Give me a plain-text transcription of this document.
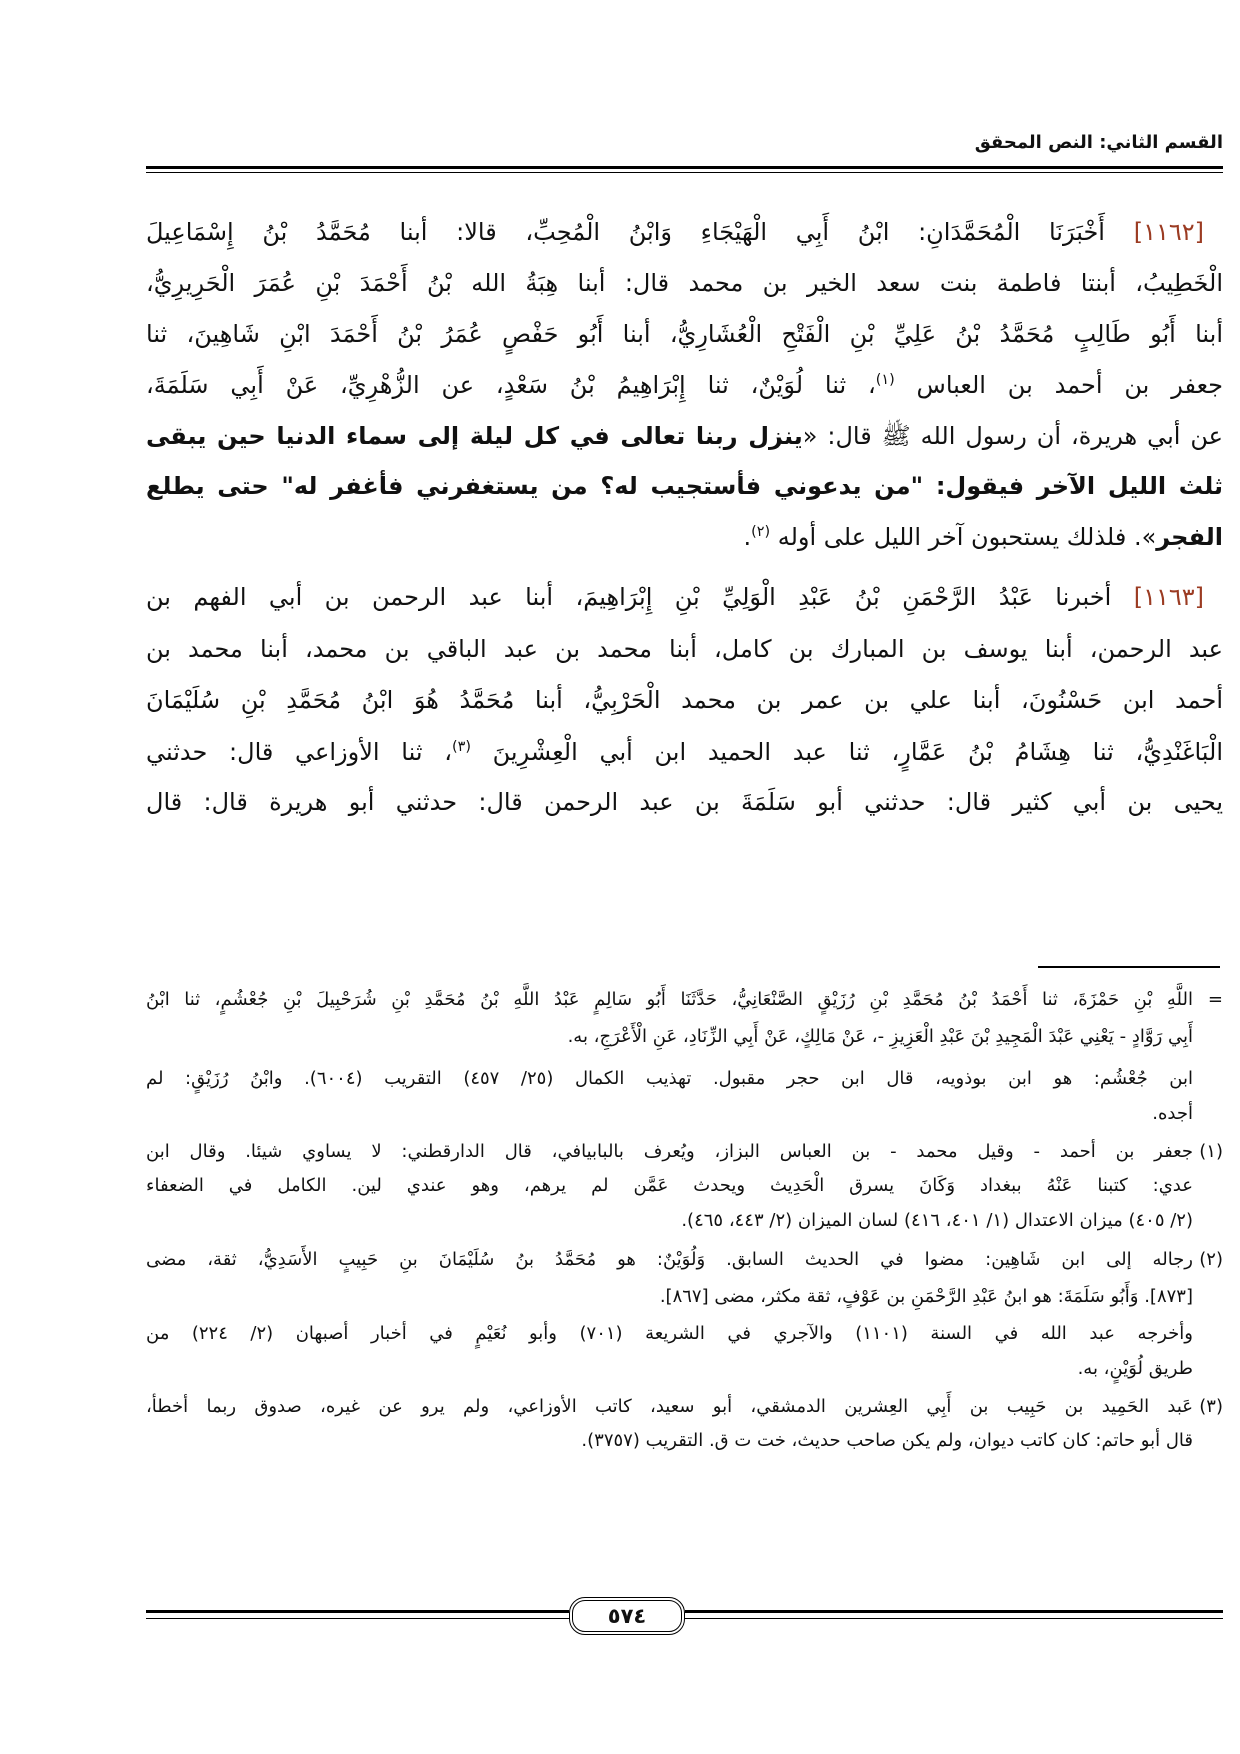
القسم الثاني: النص المحقق
[١١٦٢] أَخْبَرَنَا الْمُحَمَّدَانِ: ابْنُ أَبِي الْهَيْجَاءِ وَابْنُ الْمُحِبِّ، قالا: أبنا مُحَمَّدُ بْنُ إِسْمَاعِيلَ
الْخَطِيبُ، أبنتا فاطمة بنت سعد الخير بن محمد قال: أبنا هِبَةُ الله بْنُ أَحْمَدَ بْنِ عُمَرَ الْحَرِيرِيُّ،
أبنا أَبُو طَالِبٍ مُحَمَّدُ بْنُ عَلِيِّ بْنِ الْفَتْحِ الْعُشَارِيُّ، أبنا أَبُو حَفْصٍ عُمَرُ بْنُ أَحْمَدَ ابْنِ شَاهِينَ، ثنا
جعفر بن أحمد بن العباس $^{(١)}$، ثنا لُوَيْنٌ، ثنا إِبْرَاهِيمُ بْنُ سَعْدٍ، عن الزُّهْرِيِّ، عَنْ أَبِي سَلَمَةَ،
عن أبي هريرة، أن رسول الله ﷺ قال: «ينزل ربنا تعالى في كل ليلة إلى سماء الدنيا حين يبقى
ثلث الليل الآخر فيقول: "من يدعوني فأستجيب له؟ من يستغفرني فأغفر له" حتى يطلع
الفجر». فلذلك يستحبون آخر الليل على أوله $^{(٢)}$.
[١١٦٣] أخبرنا عَبْدُ الرَّحْمَنِ بْنُ عَبْدِ الْوَلِيِّ بْنِ إِبْرَاهِيمَ، أبنا عبد الرحمن بن أبي الفهم بن
عبد الرحمن، أبنا يوسف بن المبارك بن كامل، أبنا محمد بن عبد الباقي بن محمد، أبنا محمد بن
أحمد ابن حَسْنُونَ، أبنا علي بن عمر بن محمد الْحَرْبِيُّ، أبنا مُحَمَّدُ هُوَ ابْنُ مُحَمَّدِ بْنِ سُلَيْمَانَ
الْبَاغَنْدِيُّ، ثنا هِشَامُ بْنُ عَمَّارٍ، ثنا عبد الحميد ابن أبي الْعِشْرِينَ $^{(٣)}$، ثنا الأوزاعي قال: حدثني
يحيى بن أبي كثير قال: حدثني أبو سَلَمَةَ بن عبد الرحمن قال: حدثني أبو هريرة قال: قال
=
اللَّهِ بْنِ حَمْزَةَ، ثنا أَحْمَدُ بْنُ مُحَمَّدِ بْنِ رُزَيْقٍ الصَّنْعَانِيُّ، حَدَّثَنَا أَبُو سَالِمٍ عَبْدُ اللَّهِ بْنُ مُحَمَّدِ بْنِ شُرَحْبِيلَ بْنِ جُعْشُمٍ، ثنا ابْنُ
أَبِي رَوَّادٍ - يَعْنِي عَبْدَ الْمَجِيدِ بْنَ عَبْدِ الْعَزِيزِ -، عَنْ مَالِكٍ، عَنْ أَبِي الزِّنَادِ، عَنِ الْأَعْرَجِ، به.
ابن جُعْشُم: هو ابن بوذويه، قال ابن حجر مقبول. تهذيب الكمال (٢٥/ ٤٥٧) التقريب (٦٠٠٤). وابْنُ رُزَيْقٍ: لم
أجده.
(١)
جعفر بن أحمد - وقيل محمد - بن العباس البزاز، ويُعرف بالبابيافي، قال الدارقطني: لا يساوي شيئا. وقال ابن
عدي: كتبنا عَنْهُ ببغداد وَكَانَ يسرق الْحَدِيث ويحدث عَمَّن لم يرهم، وهو عندي لين. الكامل في الضعفاء
(٢/ ٤٠٥) ميزان الاعتدال (١/ ٤٠١، ٤١٦) لسان الميزان (٢/ ٤٤٣، ٤٦٥).
(٢)
رجاله إلى ابن شَاهِين: مضوا في الحديث السابق. وَلُوَيْنٌ: هو مُحَمَّدُ بنُ سُلَيْمَانَ بنِ حَبِيبٍ الأَسَدِيُّ، ثقة، مضى
[٨٧٣]. وَأَبُو سَلَمَةَ: هو ابنُ عَبْدِ الرَّحْمَنِ بن عَوْفٍ، ثقة مكثر، مضى [٨٦٧].
وأخرجه عبد الله في السنة (١١٠١) والآجري في الشريعة (٧٠١) وأبو نُعَيْمٍ في أخبار أصبهان (٢/ ٢٢٤) من
طريق لُوَيْنٍ، به.
(٣)
عَبد الحَمِيد بن حَبِيب بن أَبِي العِشرين الدمشقي، أبو سعيد، كاتب الأوزاعي، ولم يرو عن غيره، صدوق ربما أخطأ،
قال أبو حاتم: كان كاتب ديوان، ولم يكن صاحب حديث، خت ت ق. التقريب (٣٧٥٧).
٥٧٤
